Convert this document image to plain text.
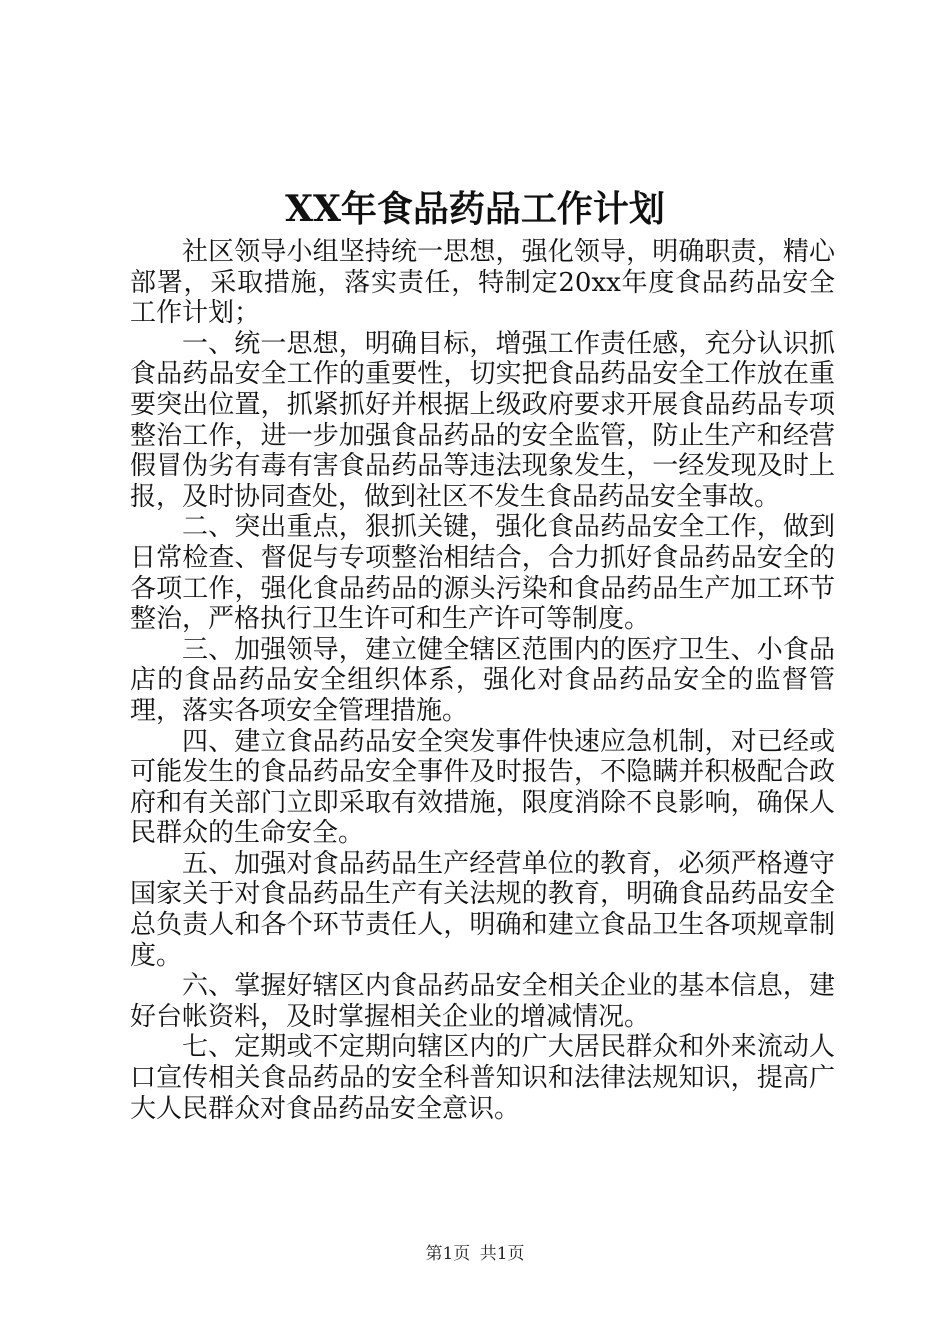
XX年食品药品工作计划

社区领导小组坚持统一思想，强化领导，明确职责，精心部署，采取措施，落实责任，特制定20xx年度食品药品安全工作计划；

一、统一思想，明确目标，增强工作责任感，充分认识抓食品药品安全工作的重要性，切实把食品药品安全工作放在重要突出位置，抓紧抓好并根据上级政府要求开展食品药品专项整治工作，进一步加强食品药品的安全监管，防止生产和经营假冒伪劣有毒有害食品药品等违法现象发生，一经发现及时上报，及时协同查处，做到社区不发生食品药品安全事故。

二、突出重点，狠抓关键，强化食品药品安全工作，做到日常检查、督促与专项整治相结合，合力抓好食品药品安全的各项工作，强化食品药品的源头污染和食品药品生产加工环节整治，严格执行卫生许可和生产许可等制度。

三、加强领导，建立健全辖区范围内的医疗卫生、小食品店的食品药品安全组织体系，强化对食品药品安全的监督管理，落实各项安全管理措施。

四、建立食品药品安全突发事件快速应急机制，对已经或可能发生的食品药品安全事件及时报告，不隐瞒并积极配合政府和有关部门立即采取有效措施，限度消除不良影响，确保人民群众的生命安全。

五、加强对食品药品生产经营单位的教育，必须严格遵守国家关于对食品药品生产有关法规的教育，明确食品药品安全总负责人和各个环节责任人，明确和建立食品卫生各项规章制度。

六、掌握好辖区内食品药品安全相关企业的基本信息，建好台帐资料，及时掌握相关企业的增减情况。

七、定期或不定期向辖区内的广大居民群众和外来流动人口宣传相关食品药品的安全科普知识和法律法规知识，提高广大人民群众对食品药品安全意识。

第1页 共1页
